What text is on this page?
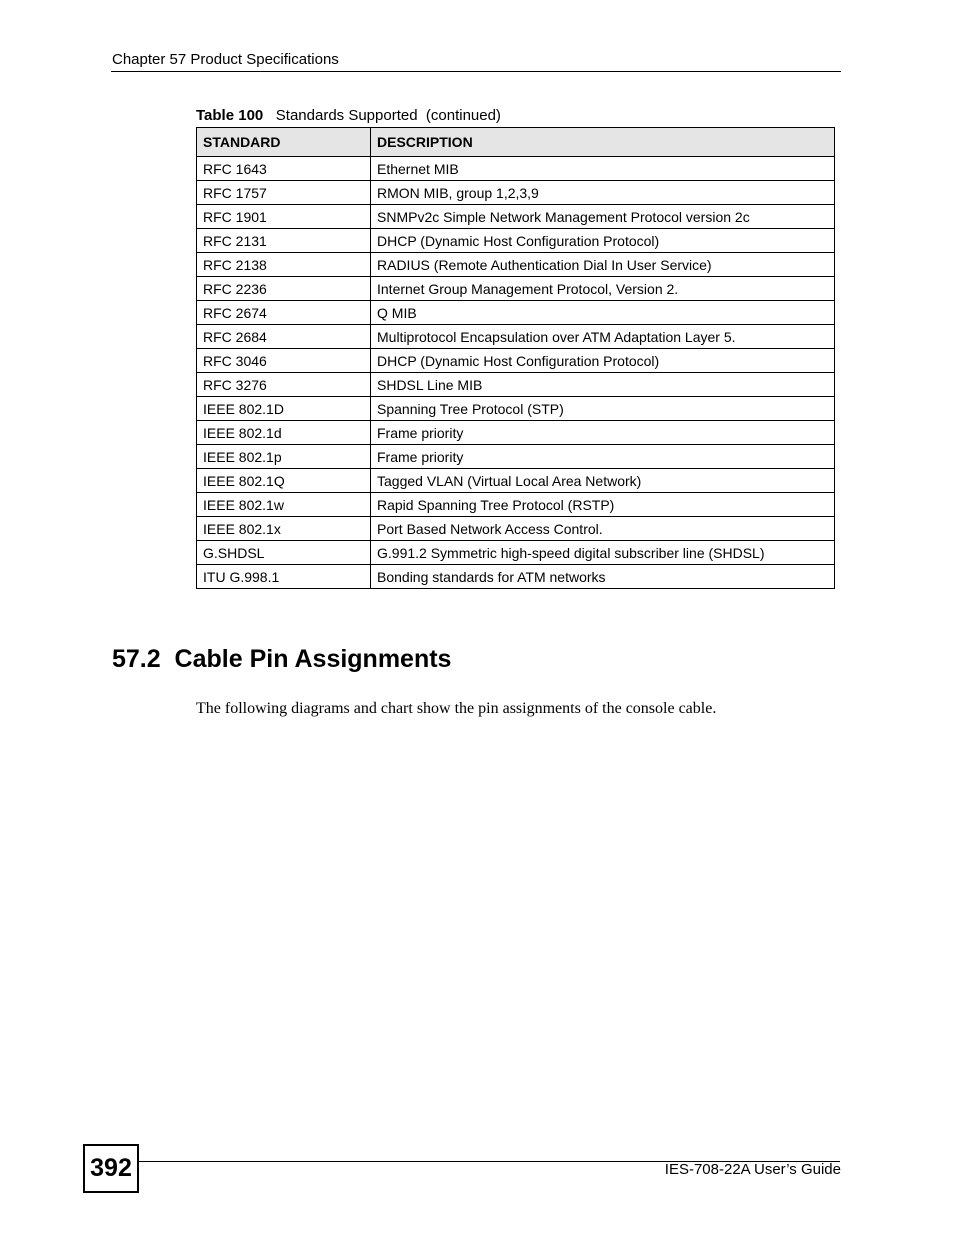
Chapter 57 Product Specifications
Table 100 Standards Supported  (continued)
STANDARD	DESCRIPTION
RFC 1643	Ethernet MIB
RFC 1757	RMON MIB, group 1,2,3,9
RFC 1901	SNMPv2c Simple Network Management Protocol version 2c
RFC 2131	DHCP (Dynamic Host Configuration Protocol)
RFC 2138	RADIUS (Remote Authentication Dial In User Service)
RFC 2236	Internet Group Management Protocol, Version 2.
RFC 2674	Q MIB
RFC 2684	Multiprotocol Encapsulation over ATM Adaptation Layer 5.
RFC 3046	DHCP (Dynamic Host Configuration Protocol)
RFC 3276	SHDSL Line MIB
IEEE 802.1D	Spanning Tree Protocol (STP)
IEEE 802.1d	Frame priority
IEEE 802.1p	Frame priority
IEEE 802.1Q	Tagged VLAN (Virtual Local Area Network)
IEEE 802.1w	Rapid Spanning Tree Protocol (RSTP)
IEEE 802.1x	Port Based Network Access Control.
G.SHDSL	G.991.2 Symmetric high-speed digital subscriber line (SHDSL)
ITU G.998.1	Bonding standards for ATM networks
57.2  Cable Pin Assignments
The following diagrams and chart show the pin assignments of the console cable.
392	IES-708-22A User’s Guide
